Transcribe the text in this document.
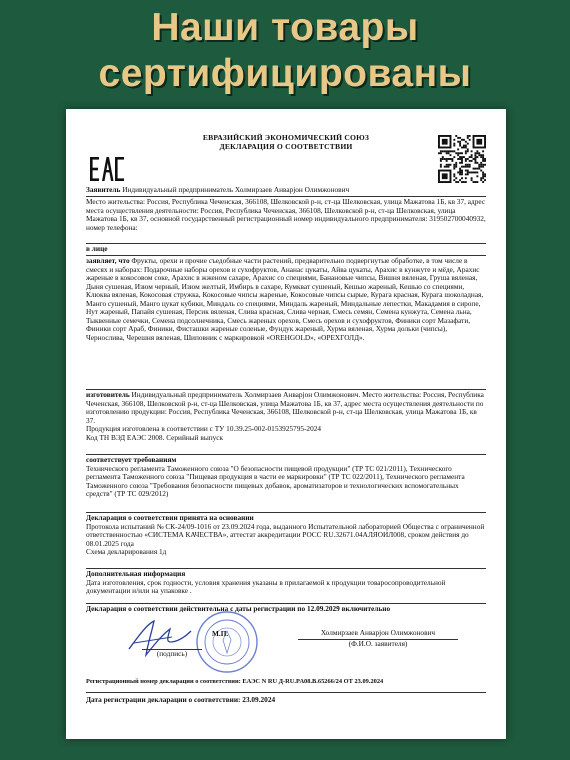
Наши товары
сертифицированы
ЕВРАЗИЙСКИЙ ЭКОНОМИЧЕСКИЙ СОЮЗ
ДЕКЛАРАЦИЯ О СООТВЕТСТВИИ
Заявитель Индивидуальный предприниматель Холмирзаев Анварjон Олимжонович
Место жительства: Россия, Республика Чеченская, 366108, Шелковской р-н, ст-ца Шелковская, улица Мажатова 1Б, кв 37, адрес места осуществления деятельности: Россия, Республика Чеченская, 366108, Шелковской р-н, ст-ца Шелковская, улица Мажатова 1Б, кв 37, основной государственный регистрационный номер индивидуального предпринимателя: 319502700040932, номер телефона:
в лице
заявляет, что Фрукты, орехи и прочие съедобные части растений, предварительно подвергнутые обработке, в том числе в смесях и наборах: Подарочные наборы орехов и сухофруктов, Ананас цукаты, Айва цукаты, Арахис в кунжуте и мёде, Арахис жареные в кокосовом соке, Арахис в жженом сахаре, Арахис со специями, Банановые чипсы, Вишня вяленая, Груша вяленая, Дыня сушеная, Изюм черный, Изюм желтый, Имбирь в сахаре, Кумкват сушеный, Кешью жареный, Кешью со специями, Клюква вяленая, Кокосовая стружка, Кокосовые чипсы жареные, Кокосовые чипсы сырые, Курага красная, Курага шоколадная, Манго сушеный, Манго цукат кубики, Миндаль со специями, Миндаль жареный, Миндальные лепестки, Макадамия в сиропе, Нут жареный, Папайя сушеная, Персик вяленая, Слива красная, Слива черная, Смесь семян, Семена кунжута, Семена льна, Тыквенные семечки, Семена подсолнечника, Смесь жареных орехов, Смесь орехов и сухофруктов, Финики сорт Мазафати, Финики сорт Араб, Финики, Фисташки жареные соленые, Фундук жареный, Хурма вяленая, Хурма дольки (чипсы), Чернослива, Черешня вяленая, Шиповник с маркировкой «OREHGOLD», «ОРЕХГОЛД».
изготовитель Индивидуальный предприниматель Холмирзаев Анварjон Олимжонович. Место жительства: Россия, Республика Чеченская, 366108, Шелковской р-н, ст-ца Шелковская, улица Мажатова 1Б, кв 37, адрес места осуществления деятельности по изготовлению продукции: Россия, Республика Чеченская, 366108, Шелковской р-н, ст-ца Шелковская, улица Мажатова 1Б, кв 37.
Продукция изготовлена в соответствии с ТУ 10.39.25-002-0153925795-2024
Код ТН ВЭД ЕАЭС 2008. Серийный выпуск
соответствует требованиям
Технического регламента Таможенного союза "О безопасности пищевой продукции" (ТР ТС 021/2011), Технического регламента Таможенного союза "Пищевая продукция в части ее маркировки" (ТР ТС 022/2011), Технического регламента Таможенного союза "Требования безопасности пищевых добавок, ароматизаторов и технологических вспомогательных средств" (ТР ТС 029/2012)
Декларация о соответствии принята на основании
Протокола испытаний № СК-24/09-1016 от 23.09.2024 года, выданного Испытательной лабораторией Общества с ограниченной ответственностью «СИСТЕМА КАЧЕСТВА», аттестат аккредитации РОСС RU.32671.04АЛЯОИЛ008, сроком действия до 08.01.2025 года
Схема декларирования 1д
Дополнительная информация
Дата изготовления, срок годности, условия хранения указаны в прилагаемой к продукции товаросопроводительной документации и/или на упаковке .
Декларация о соответствии действительна с даты регистрации по 12.09.2029 включительно
(подпись)
М.П.	Холмирзаев Анварjон Олимжонович
(Ф.И.О. заявителя)
Регистрационный номер декларации о соответствии: ЕАЭС N RU Д-RU.PA08.B.65266/24 ОТ 23.09.2024
Дата регистрации декларации о соответствии: 23.09.2024
